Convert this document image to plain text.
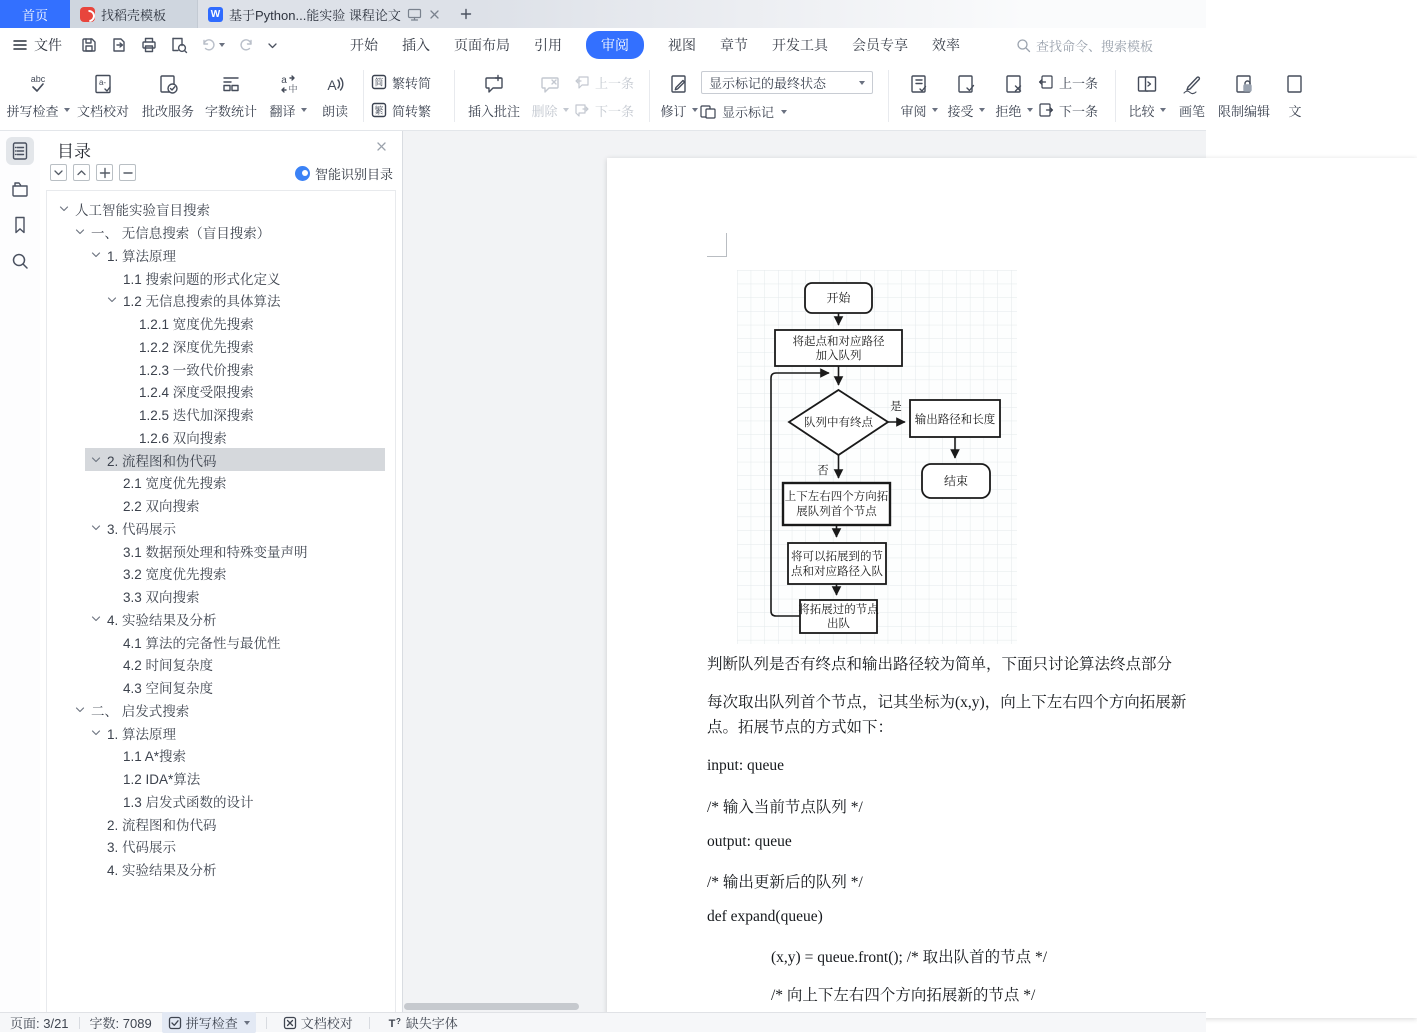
首页	找稻壳模板	W 基于Python...能实验 课程论文
文件	开始 插入 页面布局 引用	审阅	视图 章节 开发工具 会员专享 效率	查找命令、搜索模板
abc
拼写检查
a-
文档校对 批改服务 字数统计
a
中
翻译
A
朗读
简 繁转简
繁 简转繁	插入批注 删除
上一条
下一条 修订
显示标记的最终状态
显示标记	审阅 接受 拒绝
上一条
下一条 比较 画笔 限制编辑 文
目录
智能识别目录
人工智能实验盲目搜索
一、 无信息搜索（盲目搜索）
1. 算法原理
1.1 搜索问题的形式化定义
1.2 无信息搜索的具体算法
1.2.1 宽度优先搜索
1.2.2 深度优先搜索
1.2.3 一致代价搜索
1.2.4 深度受限搜索
1.2.5 迭代加深搜索
1.2.6 双向搜索
2. 流程图和伪代码
2.1 宽度优先搜索
2.2 双向搜索
3. 代码展示
3.1 数据预处理和特殊变量声明
3.2 宽度优先搜索
3.3 双向搜索
4. 实验结果及分析
4.1 算法的完备性与最优性
4.2 时间复杂度
4.3 空间复杂度
二、 启发式搜索
1. 算法原理
1.1 A*搜索
1.2 IDA*算法
1.3 启发式函数的设计
2. 流程图和伪代码
3. 代码展示
4. 实验结果及分析
开始
将起点和对应路径
加入队列
队列中有终点
是
否
输出路径和长度
结束
上下左右四个方向拓
展队列首个节点
将可以拓展到的节
点和对应路径入队
将拓展过的节点
出队
判断队列是否有终点和输出路径较为简单，下面只讨论算法终点部分
每次取出队列首个节点，记其坐标为(x,y)，向上下左右四个方向拓展新
点。拓展节点的方式如下：
input: queue
/* 输入当前节点队列 */
output: queue
/* 输出更新后的队列 */
def expand(queue)
(x,y) = queue.front(); /* 取出队首的节点 */
/* 向上下左右四个方向拓展新的节点 */
页面: 3/21 字数: 7089	拼写检查	文档校对	T ? 缺失字体
